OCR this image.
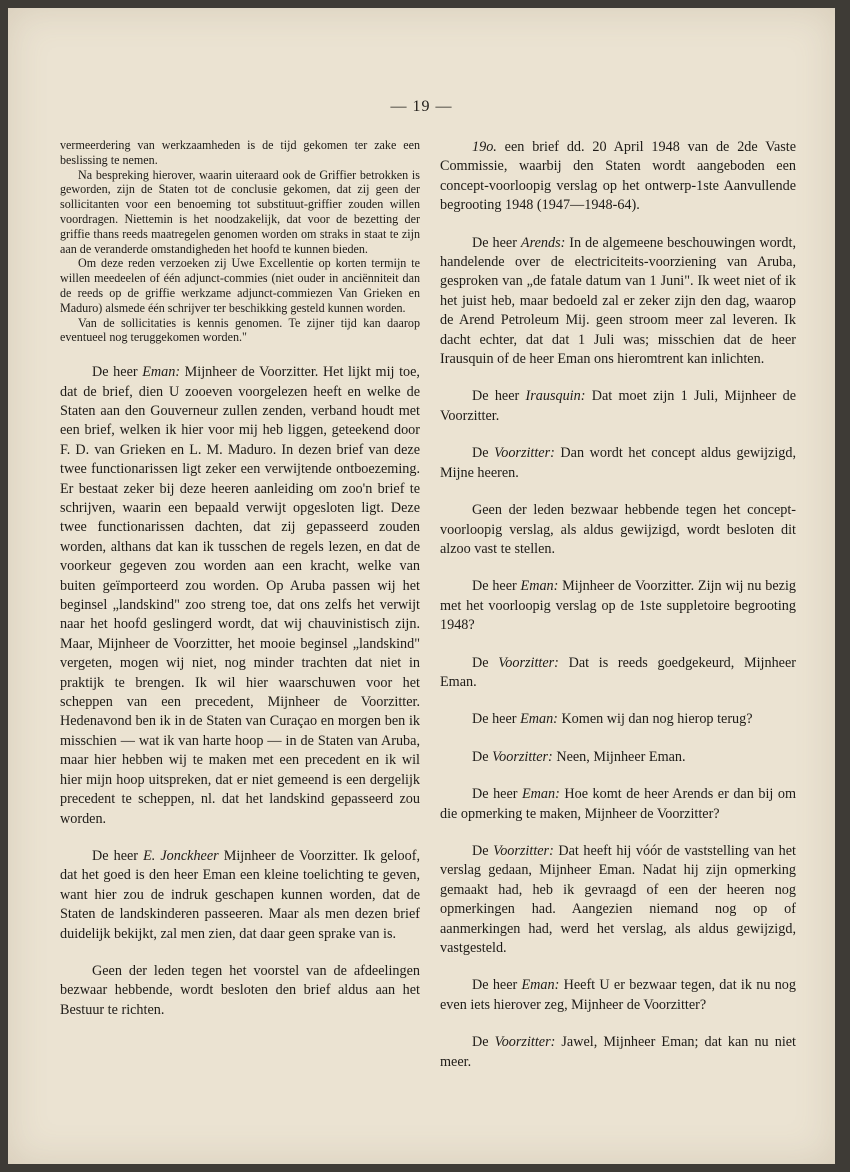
— 19 —

vermeerdering van werkzaamheden is de tijd gekomen ter zake een beslissing te nemen.

Na bespreking hierover, waarin uiteraard ook de Griffier betrokken is geworden, zijn de Staten tot de conclusie gekomen, dat zij geen der sollicitanten voor een benoeming tot substituut-griffier zouden willen voordragen. Niettemin is het noodzakelijk, dat voor de bezetting der griffie thans reeds maatregelen genomen worden om straks in staat te zijn aan de veranderde omstandigheden het hoofd te kunnen bieden.

Om deze reden verzoeken zij Uwe Excellentie op korten termijn te willen meedeelen of één adjunct-commies (niet ouder in anciënniteit dan de reeds op de griffie werkzame adjunct-commiezen Van Grieken en Maduro) alsmede één schrijver ter beschikking gesteld kunnen worden.

Van de sollicitaties is kennis genomen. Te zijner tijd kan daarop eventueel nog teruggekomen worden."

De heer Eman: Mijnheer de Voorzitter. Het lijkt mij toe, dat de brief, dien U zooeven voorgelezen heeft en welke de Staten aan den Gouverneur zullen zenden, verband houdt met een brief, welken ik hier voor mij heb liggen, geteekend door F. D. van Grieken en L. M. Maduro. In dezen brief van deze twee functionarissen ligt zeker een verwijtende ontboezeming. Er bestaat zeker bij deze heeren aanleiding om zoo'n brief te schrijven, waarin een bepaald verwijt opgesloten ligt. Deze twee functionarissen dachten, dat zij gepasseerd zouden worden, althans dat kan ik tusschen de regels lezen, en dat de voorkeur gegeven zou worden aan een kracht, welke van buiten geïmporteerd zou worden. Op Aruba passen wij het beginsel „landskind" zoo streng toe, dat ons zelfs het verwijt naar het hoofd geslingerd wordt, dat wij chauvinistisch zijn. Maar, Mijnheer de Voorzitter, het mooie beginsel „landskind" vergeten, mogen wij niet, nog minder trachten dat niet in praktijk te brengen. Ik wil hier waarschuwen voor het scheppen van een precedent, Mijnheer de Voorzitter. Hedenavond ben ik in de Staten van Curaçao en morgen ben ik misschien — wat ik van harte hoop — in de Staten van Aruba, maar hier hebben wij te maken met een precedent en ik wil hier mijn hoop uitspreken, dat er niet gemeend is een dergelijk precedent te scheppen, nl. dat het landskind gepasseerd zou worden.

De heer E. Jonckheer Mijnheer de Voorzitter. Ik geloof, dat het goed is den heer Eman een kleine toelichting te geven, want hier zou de indruk geschapen kunnen worden, dat de Staten de landskinderen passeeren. Maar als men dezen brief duidelijk bekijkt, zal men zien, dat daar geen sprake van is.

Geen der leden tegen het voorstel van de afdeelingen bezwaar hebbende, wordt besloten den brief aldus aan het Bestuur te richten.

19o. een brief dd. 20 April 1948 van de 2de Vaste Commissie, waarbij den Staten wordt aangeboden een concept-voorloopig verslag op het ontwerp-1ste Aanvullende begrooting 1948 (1947—1948-64).

De heer Arends: In de algemeene beschouwingen wordt, handelende over de electriciteits-voorziening van Aruba, gesproken van „de fatale datum van 1 Juni". Ik weet niet of ik het juist heb, maar bedoeld zal er zeker zijn den dag, waarop de Arend Petroleum Mij. geen stroom meer zal leveren. Ik dacht echter, dat dat 1 Juli was; misschien dat de heer Irausquin of de heer Eman ons hieromtrent kan inlichten.

De heer Irausquin: Dat moet zijn 1 Juli, Mijnheer de Voorzitter.

De Voorzitter: Dan wordt het concept aldus gewijzigd, Mijne heeren.

Geen der leden bezwaar hebbende tegen het concept-voorloopig verslag, als aldus gewijzigd, wordt besloten dit alzoo vast te stellen.

De heer Eman: Mijnheer de Voorzitter. Zijn wij nu bezig met het voorloopig verslag op de 1ste suppletoire begrooting 1948?

De Voorzitter: Dat is reeds goedgekeurd, Mijnheer Eman.

De heer Eman: Komen wij dan nog hierop terug?

De Voorzitter: Neen, Mijnheer Eman.

De heer Eman: Hoe komt de heer Arends er dan bij om die opmerking te maken, Mijnheer de Voorzitter?

De Voorzitter: Dat heeft hij vóór de vaststelling van het verslag gedaan, Mijnheer Eman. Nadat hij zijn opmerking gemaakt had, heb ik gevraagd of een der heeren nog opmerkingen had. Aangezien niemand nog op of aanmerkingen had, werd het verslag, als aldus gewijzigd, vastgesteld.

De heer Eman: Heeft U er bezwaar tegen, dat ik nu nog even iets hierover zeg, Mijnheer de Voorzitter?

De Voorzitter: Jawel, Mijnheer Eman; dat kan nu niet meer.
